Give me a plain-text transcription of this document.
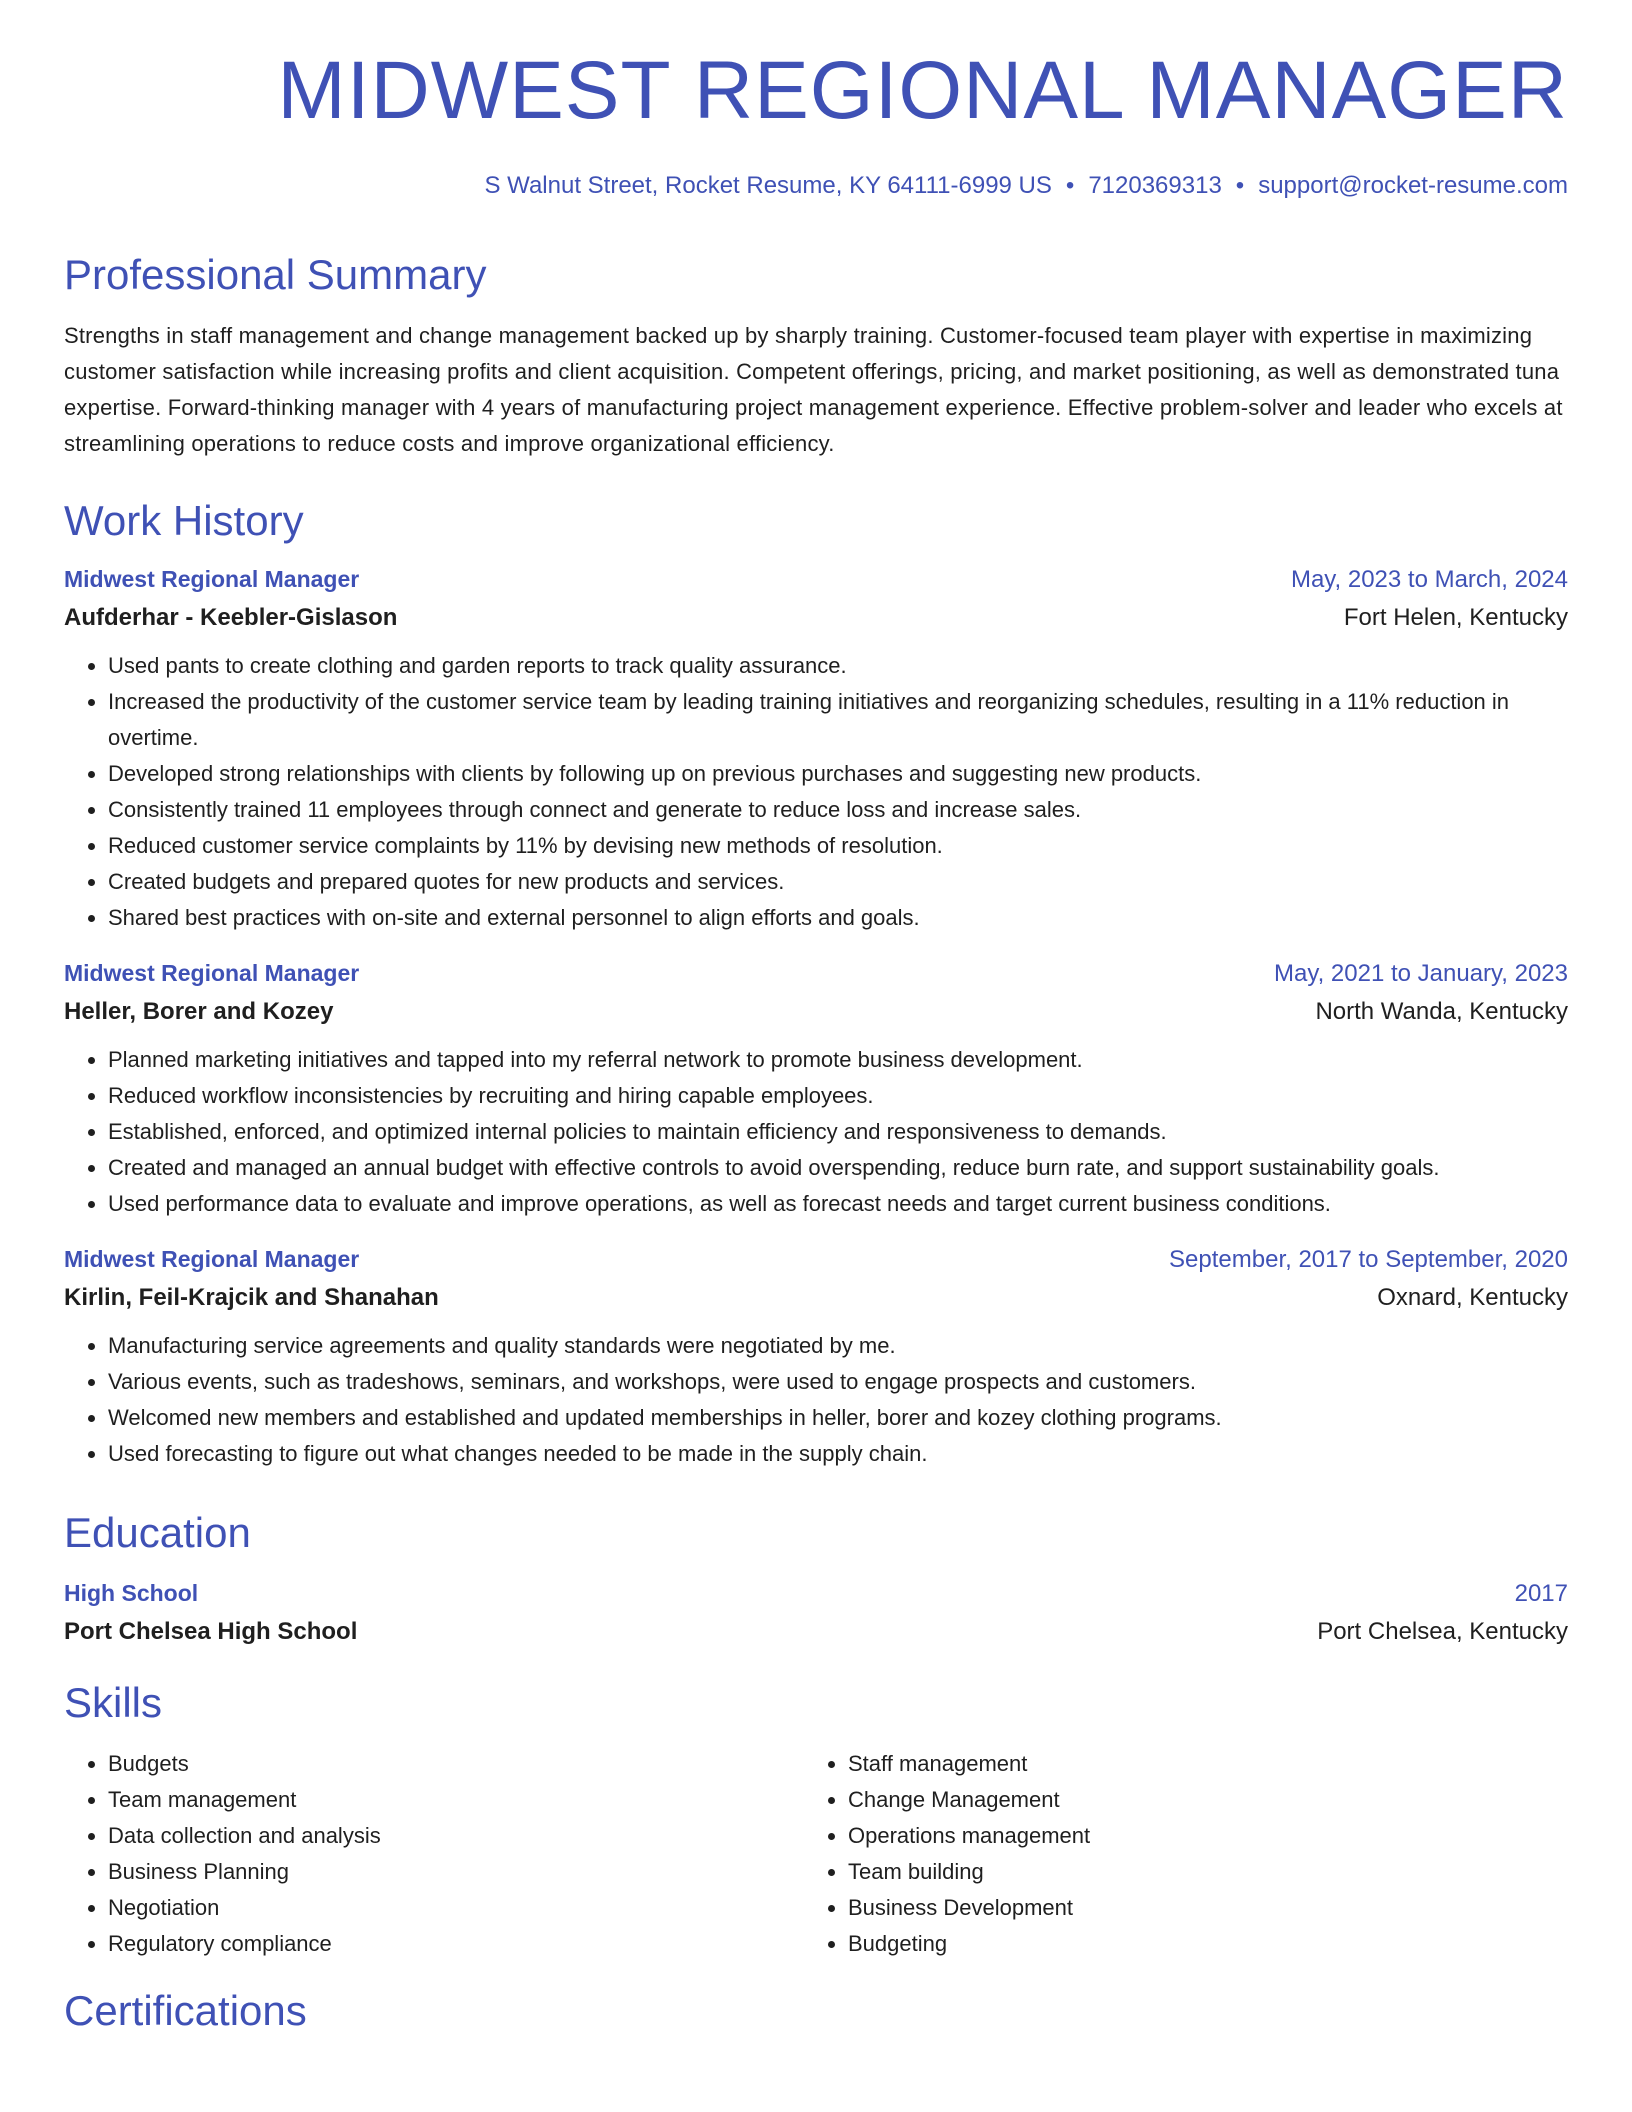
MIDWEST REGIONAL MANAGER
S Walnut Street, Rocket Resume, KY 64111-6999 US • 7120369313 • support@rocket-resume.com
Professional Summary

Strengths in staff management and change management backed up by sharply training. Customer-focused team player with expertise in maximizing customer satisfaction while increasing profits and client acquisition. Competent offerings, pricing, and market positioning, as well as demonstrated tuna expertise. Forward-thinking manager with 4 years of manufacturing project management experience. Effective problem-solver and leader who excels at streamlining operations to reduce costs and improve organizational efficiency.

Work History
Midwest Regional Manager	May, 2023 to March, 2024
Aufderhar - Keebler-Gislason	Fort Helen, Kentucky
• Used pants to create clothing and garden reports to track quality assurance.
• Increased the productivity of the customer service team by leading training initiatives and reorganizing schedules, resulting in a 11% reduction in overtime.
• Developed strong relationships with clients by following up on previous purchases and suggesting new products.
• Consistently trained 11 employees through connect and generate to reduce loss and increase sales.
• Reduced customer service complaints by 11% by devising new methods of resolution.
• Created budgets and prepared quotes for new products and services.
• Shared best practices with on-site and external personnel to align efforts and goals.
Midwest Regional Manager	May, 2021 to January, 2023
Heller, Borer and Kozey	North Wanda, Kentucky
• Planned marketing initiatives and tapped into my referral network to promote business development.
• Reduced workflow inconsistencies by recruiting and hiring capable employees.
• Established, enforced, and optimized internal policies to maintain efficiency and responsiveness to demands.
• Created and managed an annual budget with effective controls to avoid overspending, reduce burn rate, and support sustainability goals.
• Used performance data to evaluate and improve operations, as well as forecast needs and target current business conditions.
Midwest Regional Manager	September, 2017 to September, 2020
Kirlin, Feil-Krajcik and Shanahan	Oxnard, Kentucky
• Manufacturing service agreements and quality standards were negotiated by me.
• Various events, such as tradeshows, seminars, and workshops, were used to engage prospects and customers.
• Welcomed new members and established and updated memberships in heller, borer and kozey clothing programs.
• Used forecasting to figure out what changes needed to be made in the supply chain.
Education
High School	2017
Port Chelsea High School	Port Chelsea, Kentucky
Skills
• Budgets
• Team management
• Data collection and analysis
• Business Planning
• Negotiation
• Regulatory compliance
• Staff management
• Change Management
• Operations management
• Team building
• Business Development
• Budgeting
Certifications
